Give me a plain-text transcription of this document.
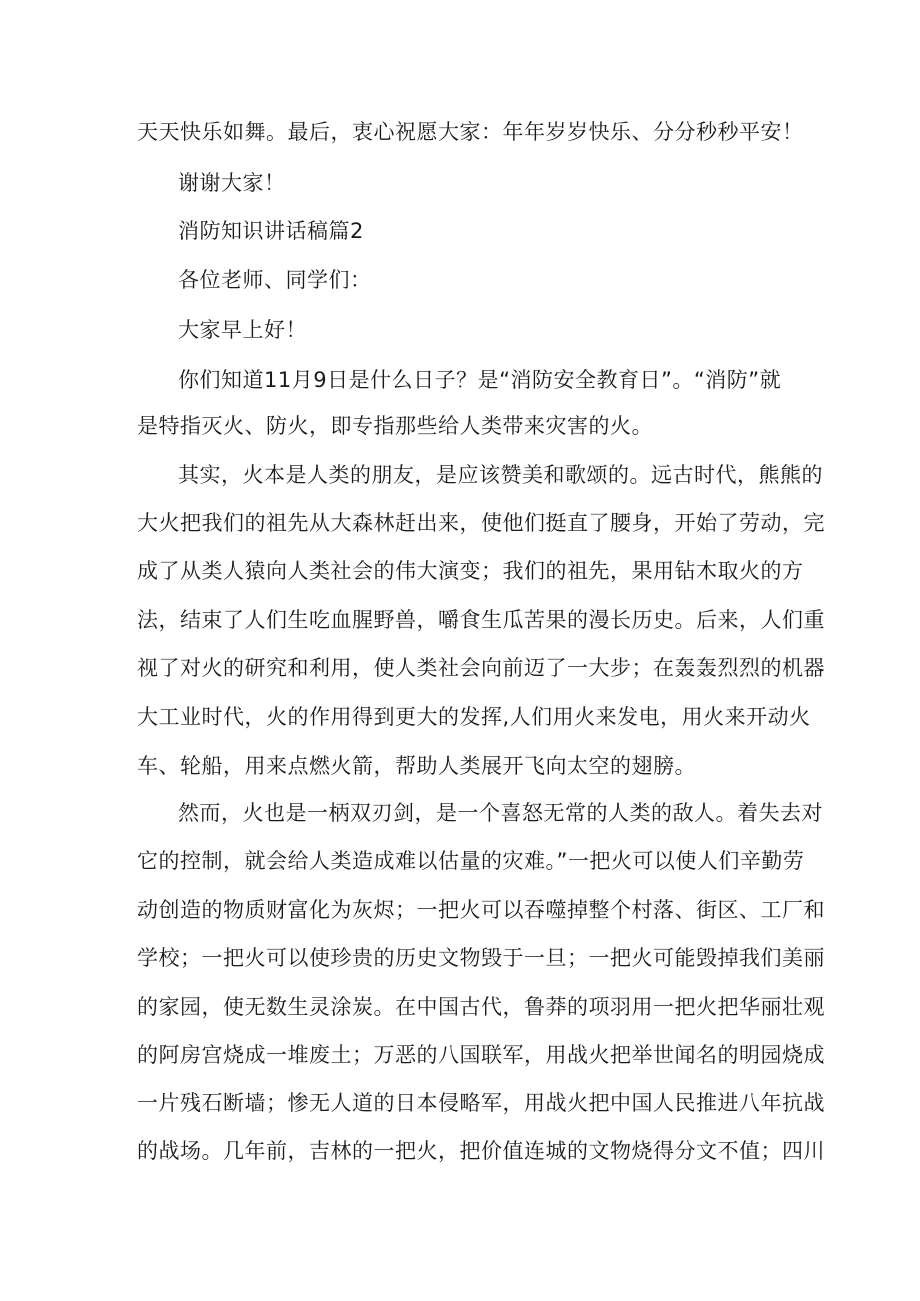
天天快乐如舞。最后，衷心祝愿大家：年年岁岁快乐、分分秒秒平安！
谢谢大家！
消防知识讲话稿篇2
各位老师、同学们：
大家早上好！
你们知道11月9日是什么日子？是“消防安全教育日”。“消防”就
是特指灭火、防火，即专指那些给人类带来灾害的火。
其实，火本是人类的朋友，是应该赞美和歌颂的。远古时代，熊熊的
大火把我们的祖先从大森林赶出来，使他们挺直了腰身，开始了劳动，完
成了从类人猿向人类社会的伟大演变；我们的祖先，果用钻木取火的方
法，结束了人们生吃血腥野兽，嚼食生瓜苦果的漫长历史。后来，人们重
视了对火的研究和利用，使人类社会向前迈了一大步；在轰轰烈烈的机器
大工业时代，火的作用得到更大的发挥,人们用火来发电，用火来开动火
车、轮船，用来点燃火箭，帮助人类展开飞向太空的翅膀。
然而，火也是一柄双刃剑，是一个喜怒无常的人类的敌人。着失去对
它的控制，就会给人类造成难以估量的灾难。”一把火可以使人们辛勤劳
动创造的物质财富化为灰烬；一把火可以吞噬掉整个村落、街区、工厂和
学校；一把火可以使珍贵的历史文物毁于一旦；一把火可能毁掉我们美丽
的家园，使无数生灵涂炭。在中国古代，鲁莽的项羽用一把火把华丽壮观
的阿房宫烧成一堆废土；万恶的八国联军，用战火把举世闻名的明园烧成
一片残石断墙；惨无人道的日本侵略军，用战火把中国人民推进八年抗战
的战场。几年前，吉林的一把火，把价值连城的文物烧得分文不值；四川
